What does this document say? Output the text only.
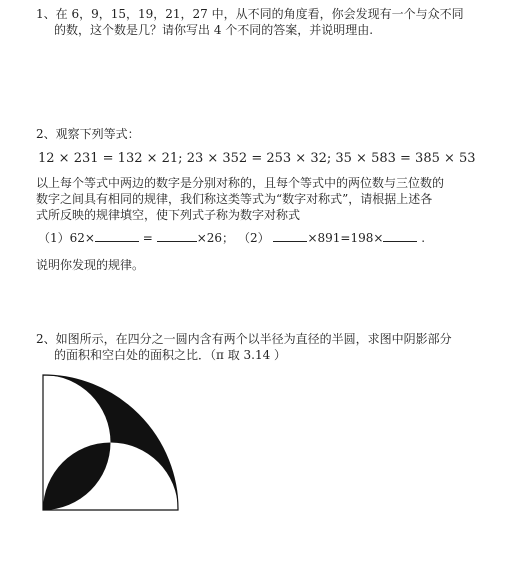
1、在 6，9，15，19，21，27 中，从不同的角度看，你会发现有一个与众不同
的数，这个数是几？请你写出 4 个不同的答案，并说明理由.
2、观察下列等式：
12 × 231 = 132 × 21; 23 × 352 = 253 × 32; 35 × 583 = 385 × 53
以上每个等式中两边的数字是分别对称的，且每个等式中的两位数与三位数的
数字之间具有相同的规律，我们称这类等式为“数字对称式”，请根据上述各
式所反映的规律填空，使下列式子称为数字对称式
（1）62×	=	×26； （2）	×891=198×	.
说明你发现的规律。
2、如图所示，在四分之一圆内含有两个以半径为直径的半圆，求图中阴影部分
的面积和空白处的面积之比．（π 取 3.14 ）
